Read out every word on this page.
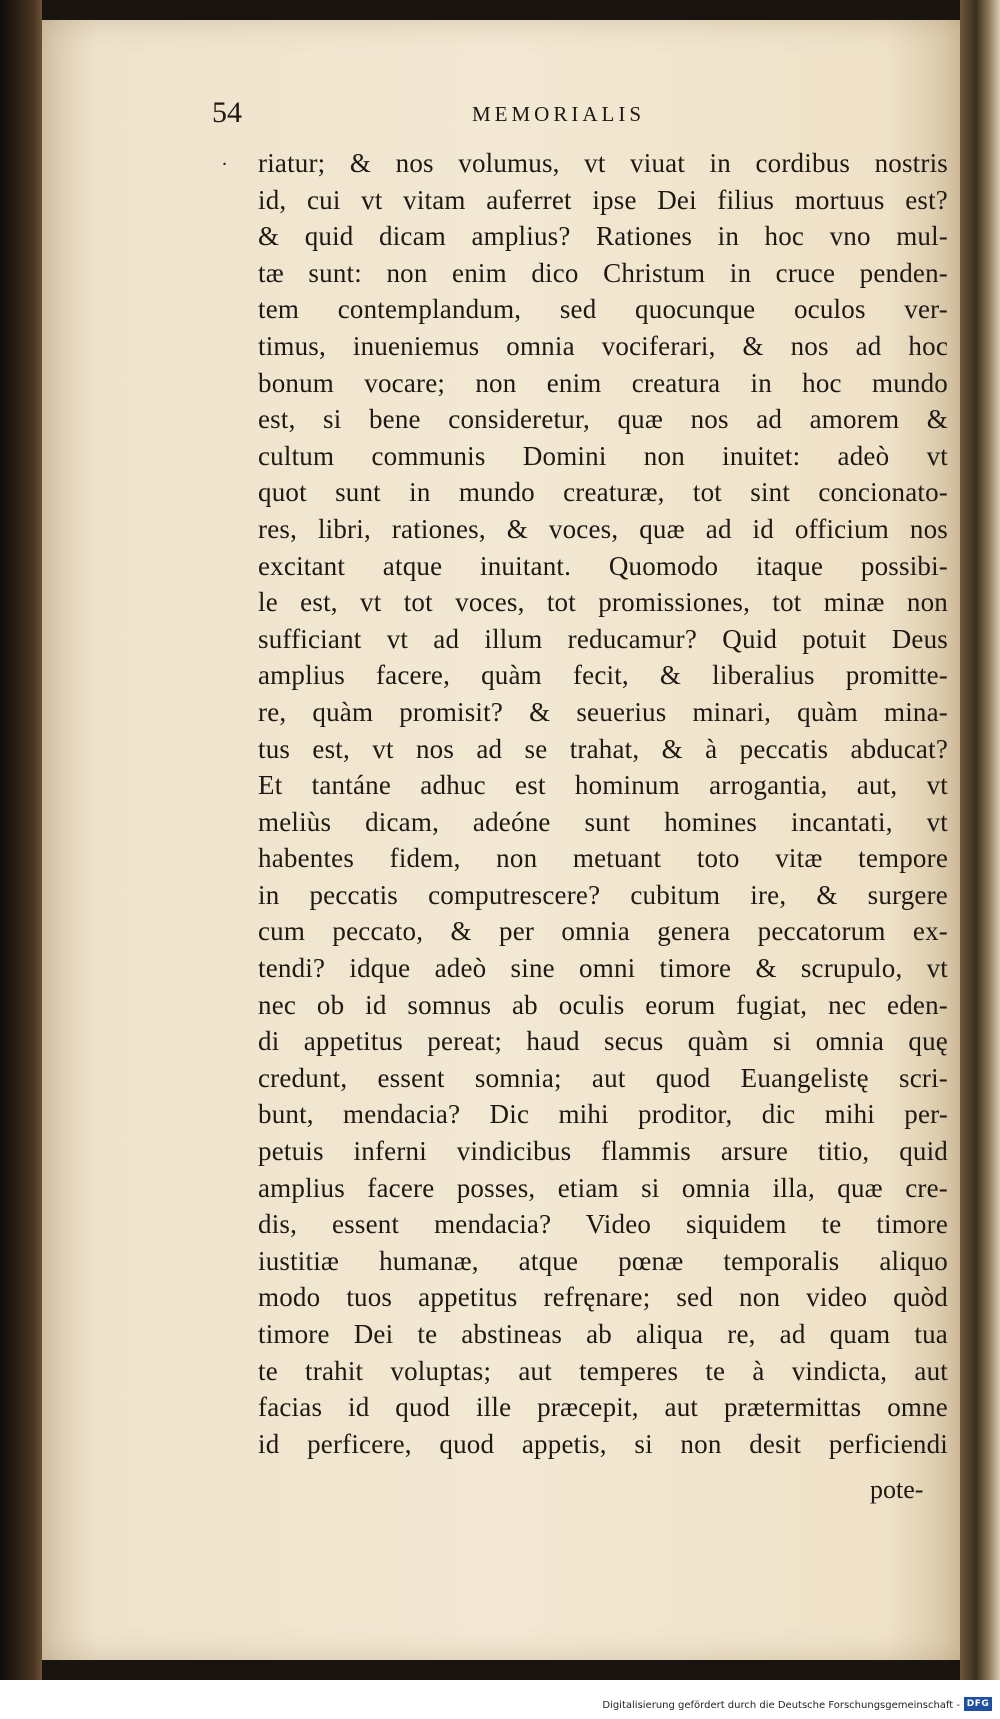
54	MEMORIALIS
. riatur; & nos volumus, vt viuat in cordibus nostris
id, cui vt vitam auferret ipse Dei filius mortuus est?
& quid dicam amplius? Rationes in hoc vno mul-
tæ sunt: non enim dico Christum in cruce penden-
tem contemplandum, sed quocunque oculos ver-
timus, inueniemus omnia vociferari, & nos ad hoc
bonum vocare; non enim creatura in hoc mundo
est, si bene consideretur, quæ nos ad amorem &
cultum communis Domini non inuitet: adeò vt
quot sunt in mundo creaturæ, tot sint concionato-
res, libri, rationes, & voces, quæ ad id officium nos
excitant atque inuitant. Quomodo itaque possibi-
le est, vt tot voces, tot promissiones, tot minæ non
sufficiant vt ad illum reducamur? Quid potuit Deus
amplius facere, quàm fecit, & liberalius promitte-
re, quàm promisit? & seuerius minari, quàm mina-
tus est, vt nos ad se trahat, & à peccatis abducat?
Et tantáne adhuc est hominum arrogantia, aut, vt
meliùs dicam, adeóne sunt homines incantati, vt
habentes fidem, non metuant toto vitæ tempore
in peccatis computrescere? cubitum ire, & surgere
cum peccato, & per omnia genera peccatorum ex-
tendi? idque adeò sine omni timore & scrupulo, vt
nec ob id somnus ab oculis eorum fugiat, nec eden-
di appetitus pereat; haud secus quàm si omnia quę
credunt, essent somnia; aut quod Euangelistę scri-
bunt, mendacia? Dic mihi proditor, dic mihi per-
petuis inferni vindicibus flammis arsure titio, quid
amplius facere posses, etiam si omnia illa, quæ cre-
dis, essent mendacia? Video siquidem te timore
iustitiæ humanæ, atque pœnæ temporalis aliquo
modo tuos appetitus refręnare; sed non video quòd
timore Dei te abstineas ab aliqua re, ad quam tua
te trahit voluptas; aut temperes te à vindicta, aut
facias id quod ille præcepit, aut prætermittas omne
id perficere, quod appetis, si non desit perficiendi
pote-
Digitalisierung gefördert durch die Deutsche Forschungsgemeinschaft - DFG
